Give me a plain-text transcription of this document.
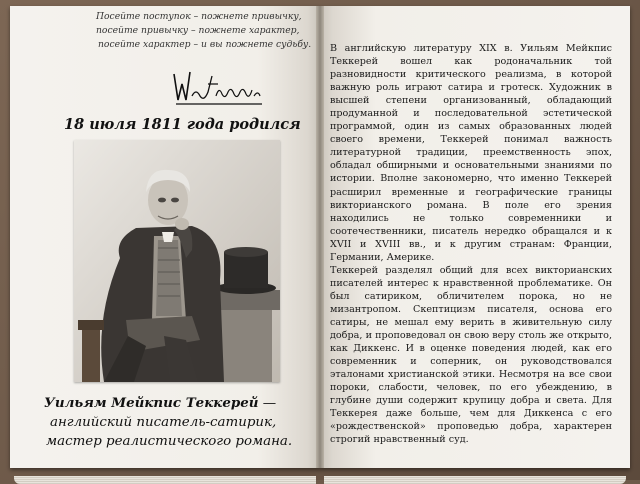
Посейте поступок – пожнете привычку,
посейте привычку – пожнете характер,
посейте характер – и вы пожнете судьбу.
18 июля 1811 года родился
Уильям Мейкпис Теккерей —
английский писатель-сатирик,
мастер реалистического романа.

В английскую литературу XIX в. Уильям Мейкпис Теккерей вошел как родоначальник той разновидности критического реализма, в которой важную роль играют сатира и гротеск. Художник в высшей степени организованный, обладающий продуманной и последовательной эстетической программой, один из самых образованных людей своего времени, Теккерей понимал важность литературной традиции, преемственность эпох, обладал обширными и основательными знаниями по истории. Вполне закономерно, что именно Теккерей расширил временные и географические границы викторианского романа. В поле его зрения находились не только современники и соотечественники, писатель нередко обращался и к XVII и XVIII вв., и к другим странам: Франции, Германии, Америке.

Теккерей разделял общий для всех викторианских писателей интерес к нравственной проблематике. Он был сатириком, обличителем порока, но не мизантропом. Скептицизм писателя, основа его сатиры, не мешал ему верить в живительную силу добра, и проповедовал он свою веру столь же открыто, как Диккенс. И в оценке поведения людей, как его современник и соперник, он руководствовался эталонами христианской этики. Несмотря на все свои пороки, слабости, человек, по его убеждению, в глубине души содержит крупицу добра и света. Для Теккерея даже больше, чем для Диккенса с его «рождественской» проповедью добра, характерен строгий нравственный суд.
